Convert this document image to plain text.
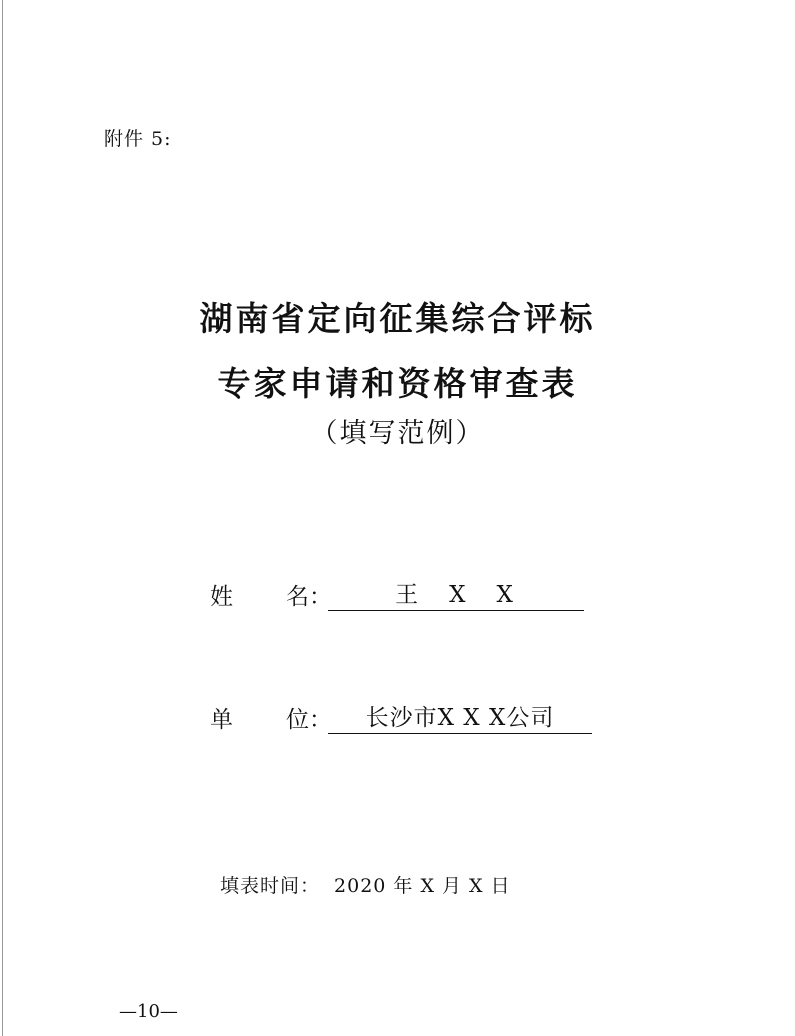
附件 5:
湖南省定向征集综合评标
专家申请和资格审查表
（填写范例）
姓 名：	王　X　X
单 位：	长沙市X X X公司
填表时间： 2020 年 X 月 X 日
—10—
